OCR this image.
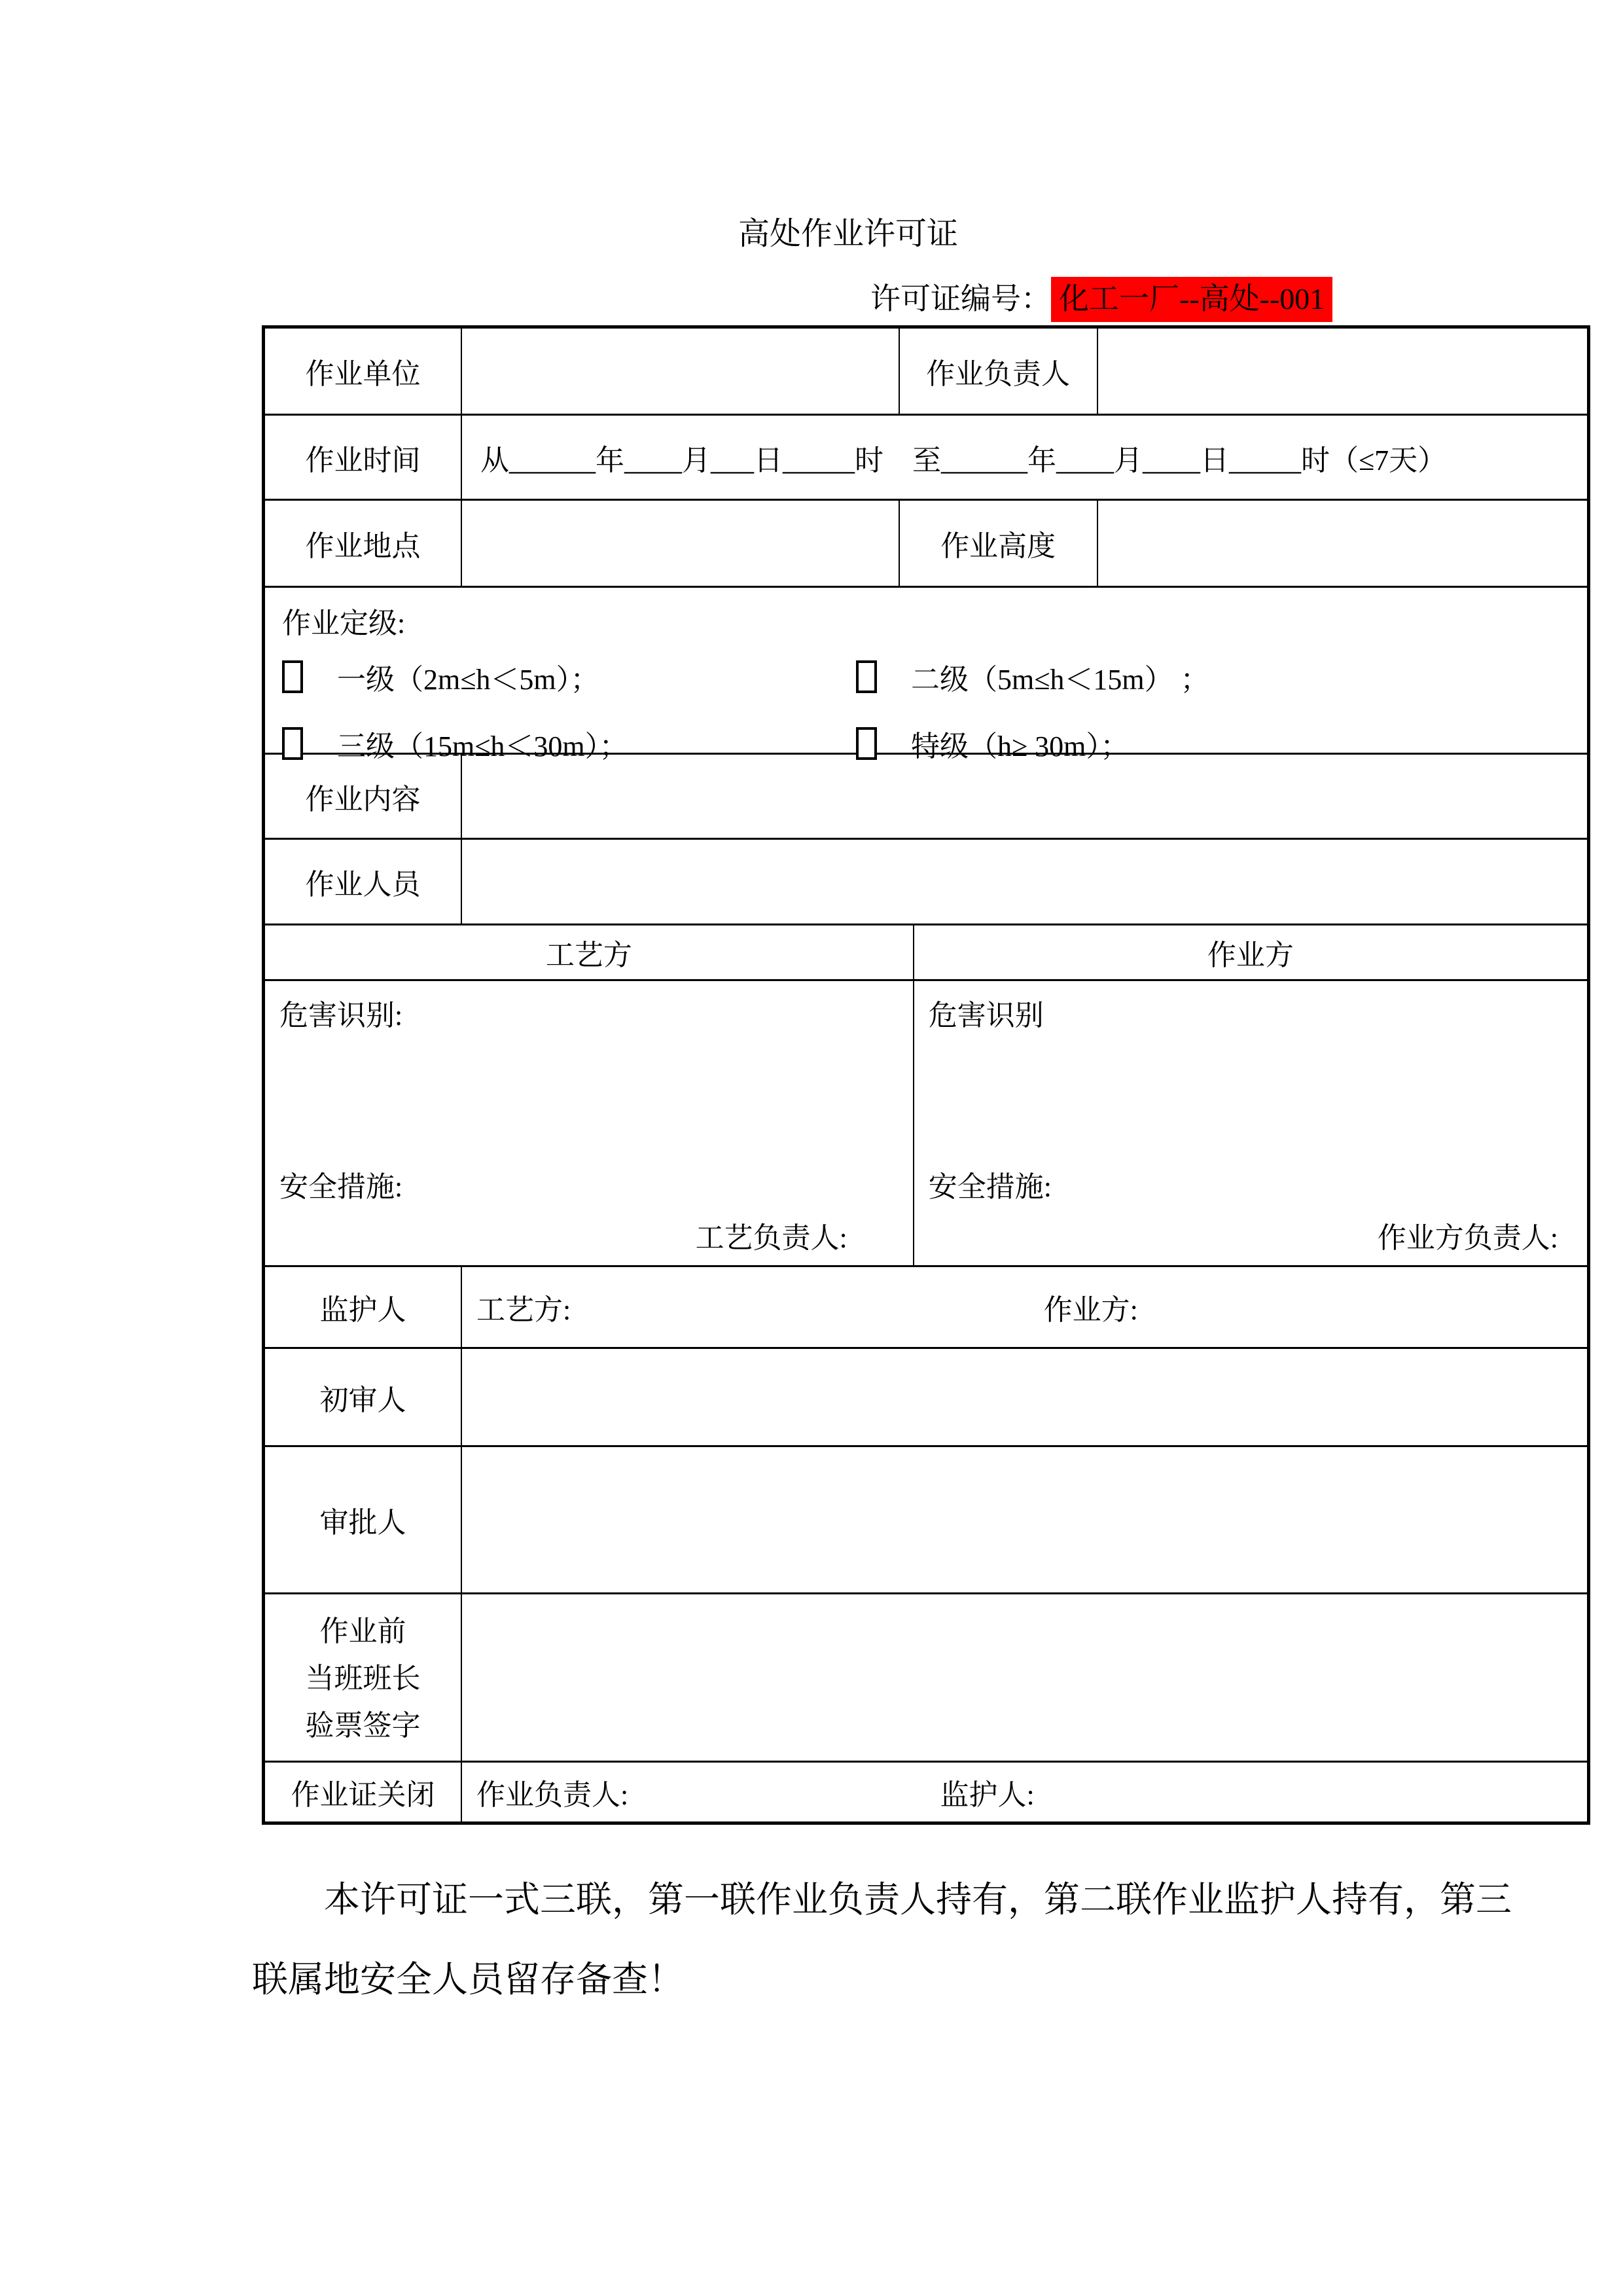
高处作业许可证
许可证编号： 化工一厂--高处--001
作业单位	作业负责人
作业时间	从______年____月___日_____时　至______年____月____日_____时（≤7天）
作业地点	作业高度
作业定级:
一级（2m≤h＜5m）；	二级（5m≤h＜15m） ；
三级（15m≤h＜30m）；	特级（h≥ 30m）；
作业内容
作业人员
工艺方	作业方
危害识别:
安全措施:
工艺负责人:
危害识别
安全措施:
作业方负责人:
监护人	工艺方:	作业方:
初审人
审批人
作业前
当班班长
验票签字
作业证关闭	作业负责人:	监护人:
本许可证一式三联，第一联作业负责人持有，第二联作业监护人持有，第三
联属地安全人员留存备查！
